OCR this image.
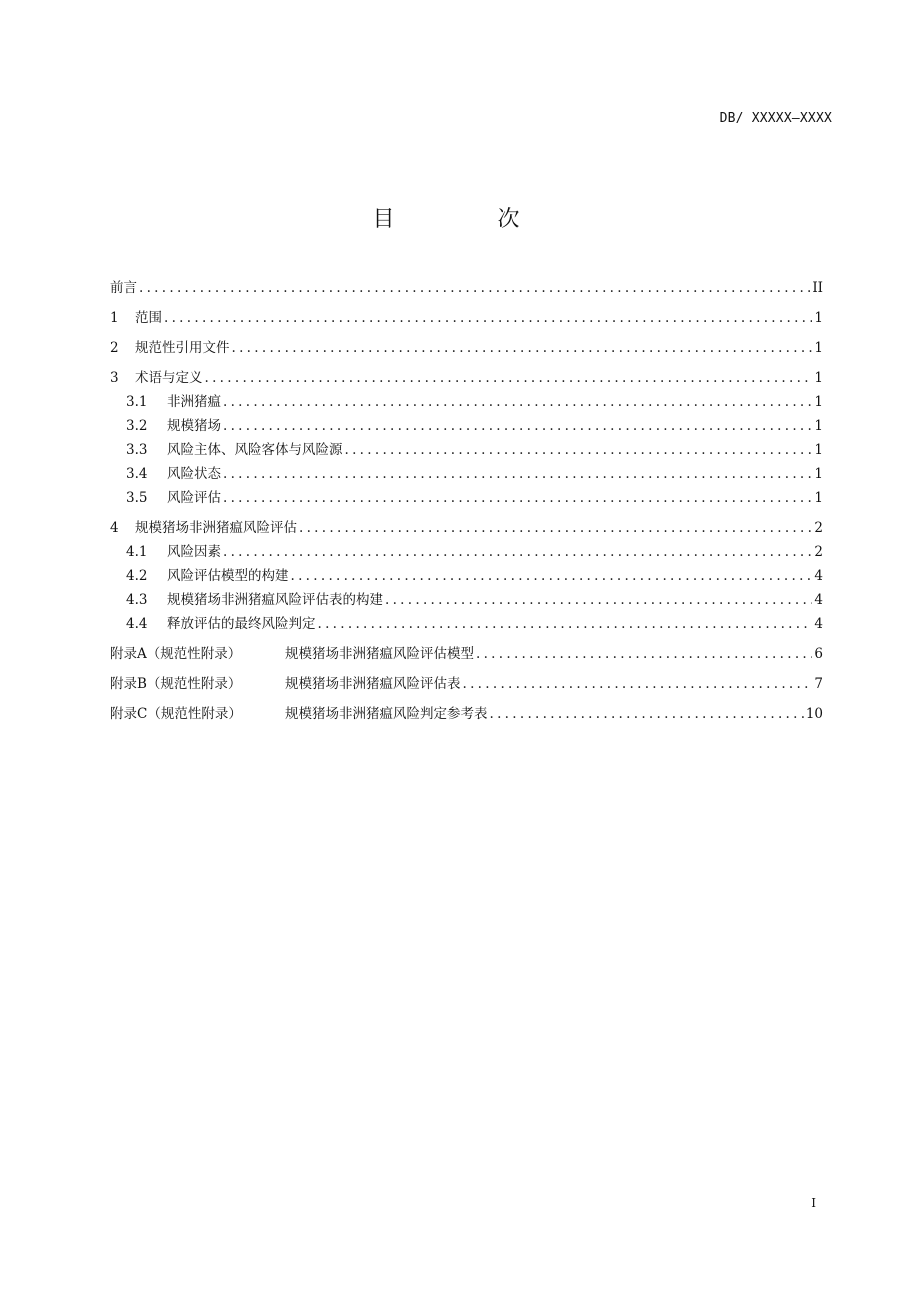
DB/ XXXXX—XXXX
目 次
前言 .....	II
1	范围 .....	1
2	规范性引用文件 .....	1
3	术语与定义 .....	1
3.1	非洲猪瘟 .....	1
3.2	规模猪场 .....	1
3.3	风险主体、风险客体与风险源 .....	1
3.4	风险状态 .....	1
3.5	风险评估 .....	1
4	规模猪场非洲猪瘟风险评估 .....	2
4.1	风险因素 .....	2
4.2	风险评估模型的构建 .....	4
4.3	规模猪场非洲猪瘟风险评估表的构建 .....	4
4.4	释放评估的最终风险判定 .....	4
附录A（规范性附录）	规模猪场非洲猪瘟风险评估模型 .....	6
附录B（规范性附录）	规模猪场非洲猪瘟风险评估表 .....	7
附录C（规范性附录）	规模猪场非洲猪瘟风险判定参考表 .....	10
I
